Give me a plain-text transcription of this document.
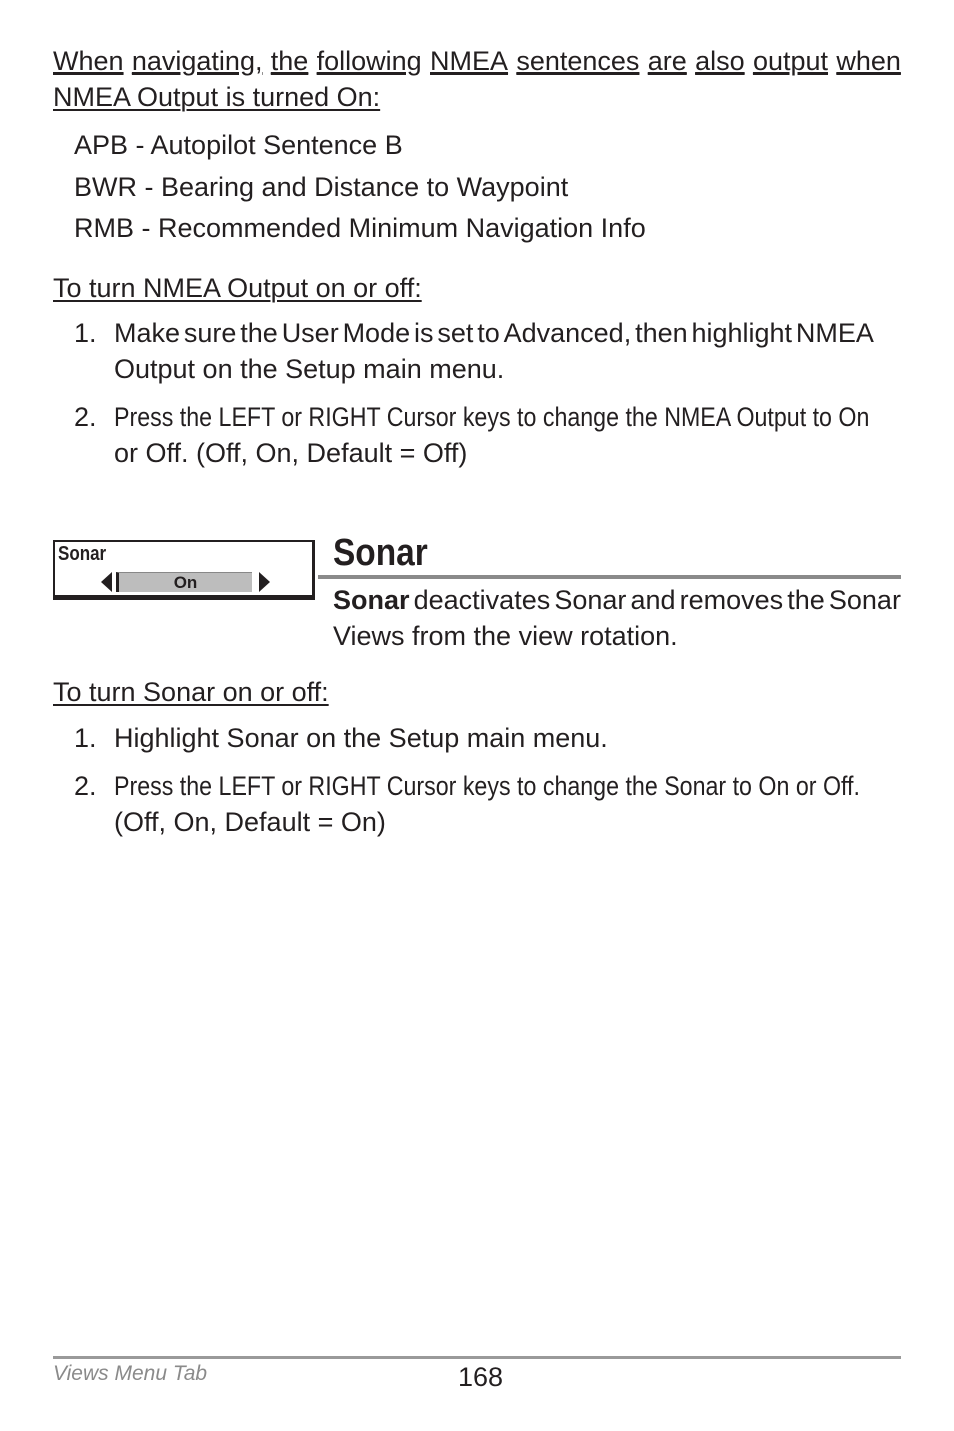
When navigating, the following NMEA sentences are also output when
NMEA Output is turned On:
APB - Autopilot Sentence B
BWR - Bearing and Distance to Waypoint
RMB - Recommended Minimum Navigation Info
To turn NMEA Output on or off:
1. Make sure the User Mode is set to Advanced, then highlight NMEA
Output on the Setup main menu.
2. Press the LEFT or RIGHT Cursor keys to change the NMEA Output to On
or Off. (Off, On, Default = Off)
Sonar
On
Sonar
Sonar deactivates Sonar and removes the Sonar
Views from the view rotation.
To turn Sonar on or off:
1. Highlight Sonar on the Setup main menu.
2. Press the LEFT or RIGHT Cursor keys to change the Sonar to On or Off.
(Off, On, Default = On)
Views Menu Tab	168
